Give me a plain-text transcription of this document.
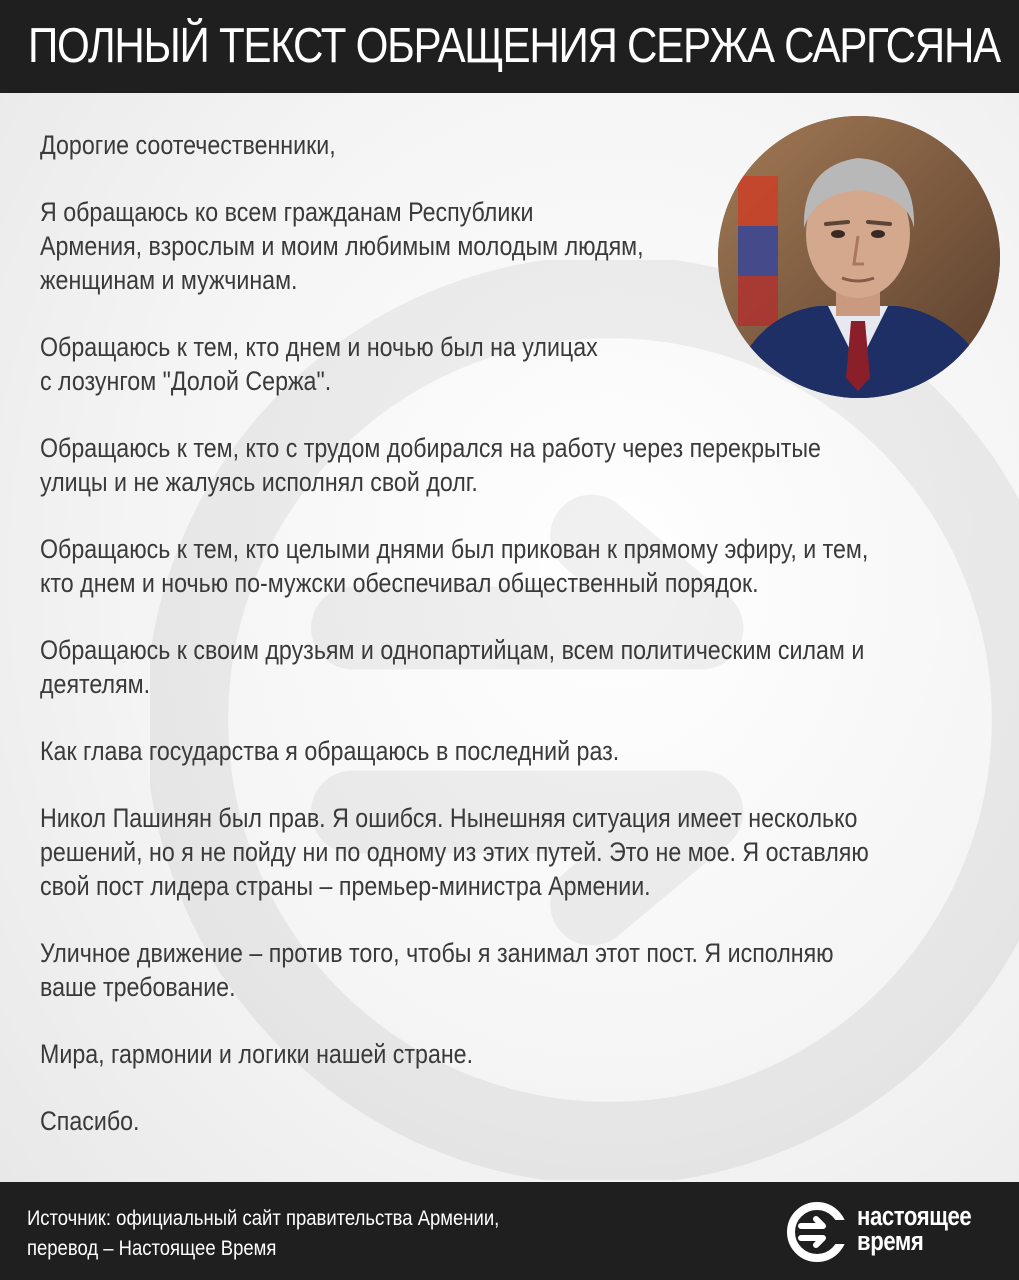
ПОЛНЫЙ ТЕКСТ ОБРАЩЕНИЯ СЕРЖА САРГСЯНА

Дорогие соотечественники,

Я обращаюсь ко всем гражданам Республики
Армения, взрослым и моим любимым молодым людям,
женщинам и мужчинам.

Обращаюсь к тем, кто днем и ночью был на улицах
с лозунгом "Долой Сержа".

Обращаюсь к тем, кто с трудом добирался на работу через перекрытые
улицы и не жалуясь исполнял свой долг.

Обращаюсь к тем, кто целыми днями был прикован к прямому эфиру, и тем,
кто днем и ночью по-мужски обеспечивал общественный порядок.

Обращаюсь к своим друзьям и однопартийцам, всем политическим силам и
деятелям.

Как глава государства я обращаюсь в последний раз.

Никол Пашинян был прав. Я ошибся. Нынешняя ситуация имеет несколько
решений, но я не пойду ни по одному из этих путей. Это не мое. Я оставляю
свой пост лидера страны – премьер-министра Армении.

Уличное движение – против того, чтобы я занимал этот пост. Я исполняю
ваше требование.

Мира, гармонии и логики нашей стране.

Спасибо.

Источник: официальный сайт правительства Армении,
перевод – Настоящее Время
настоящее
время
